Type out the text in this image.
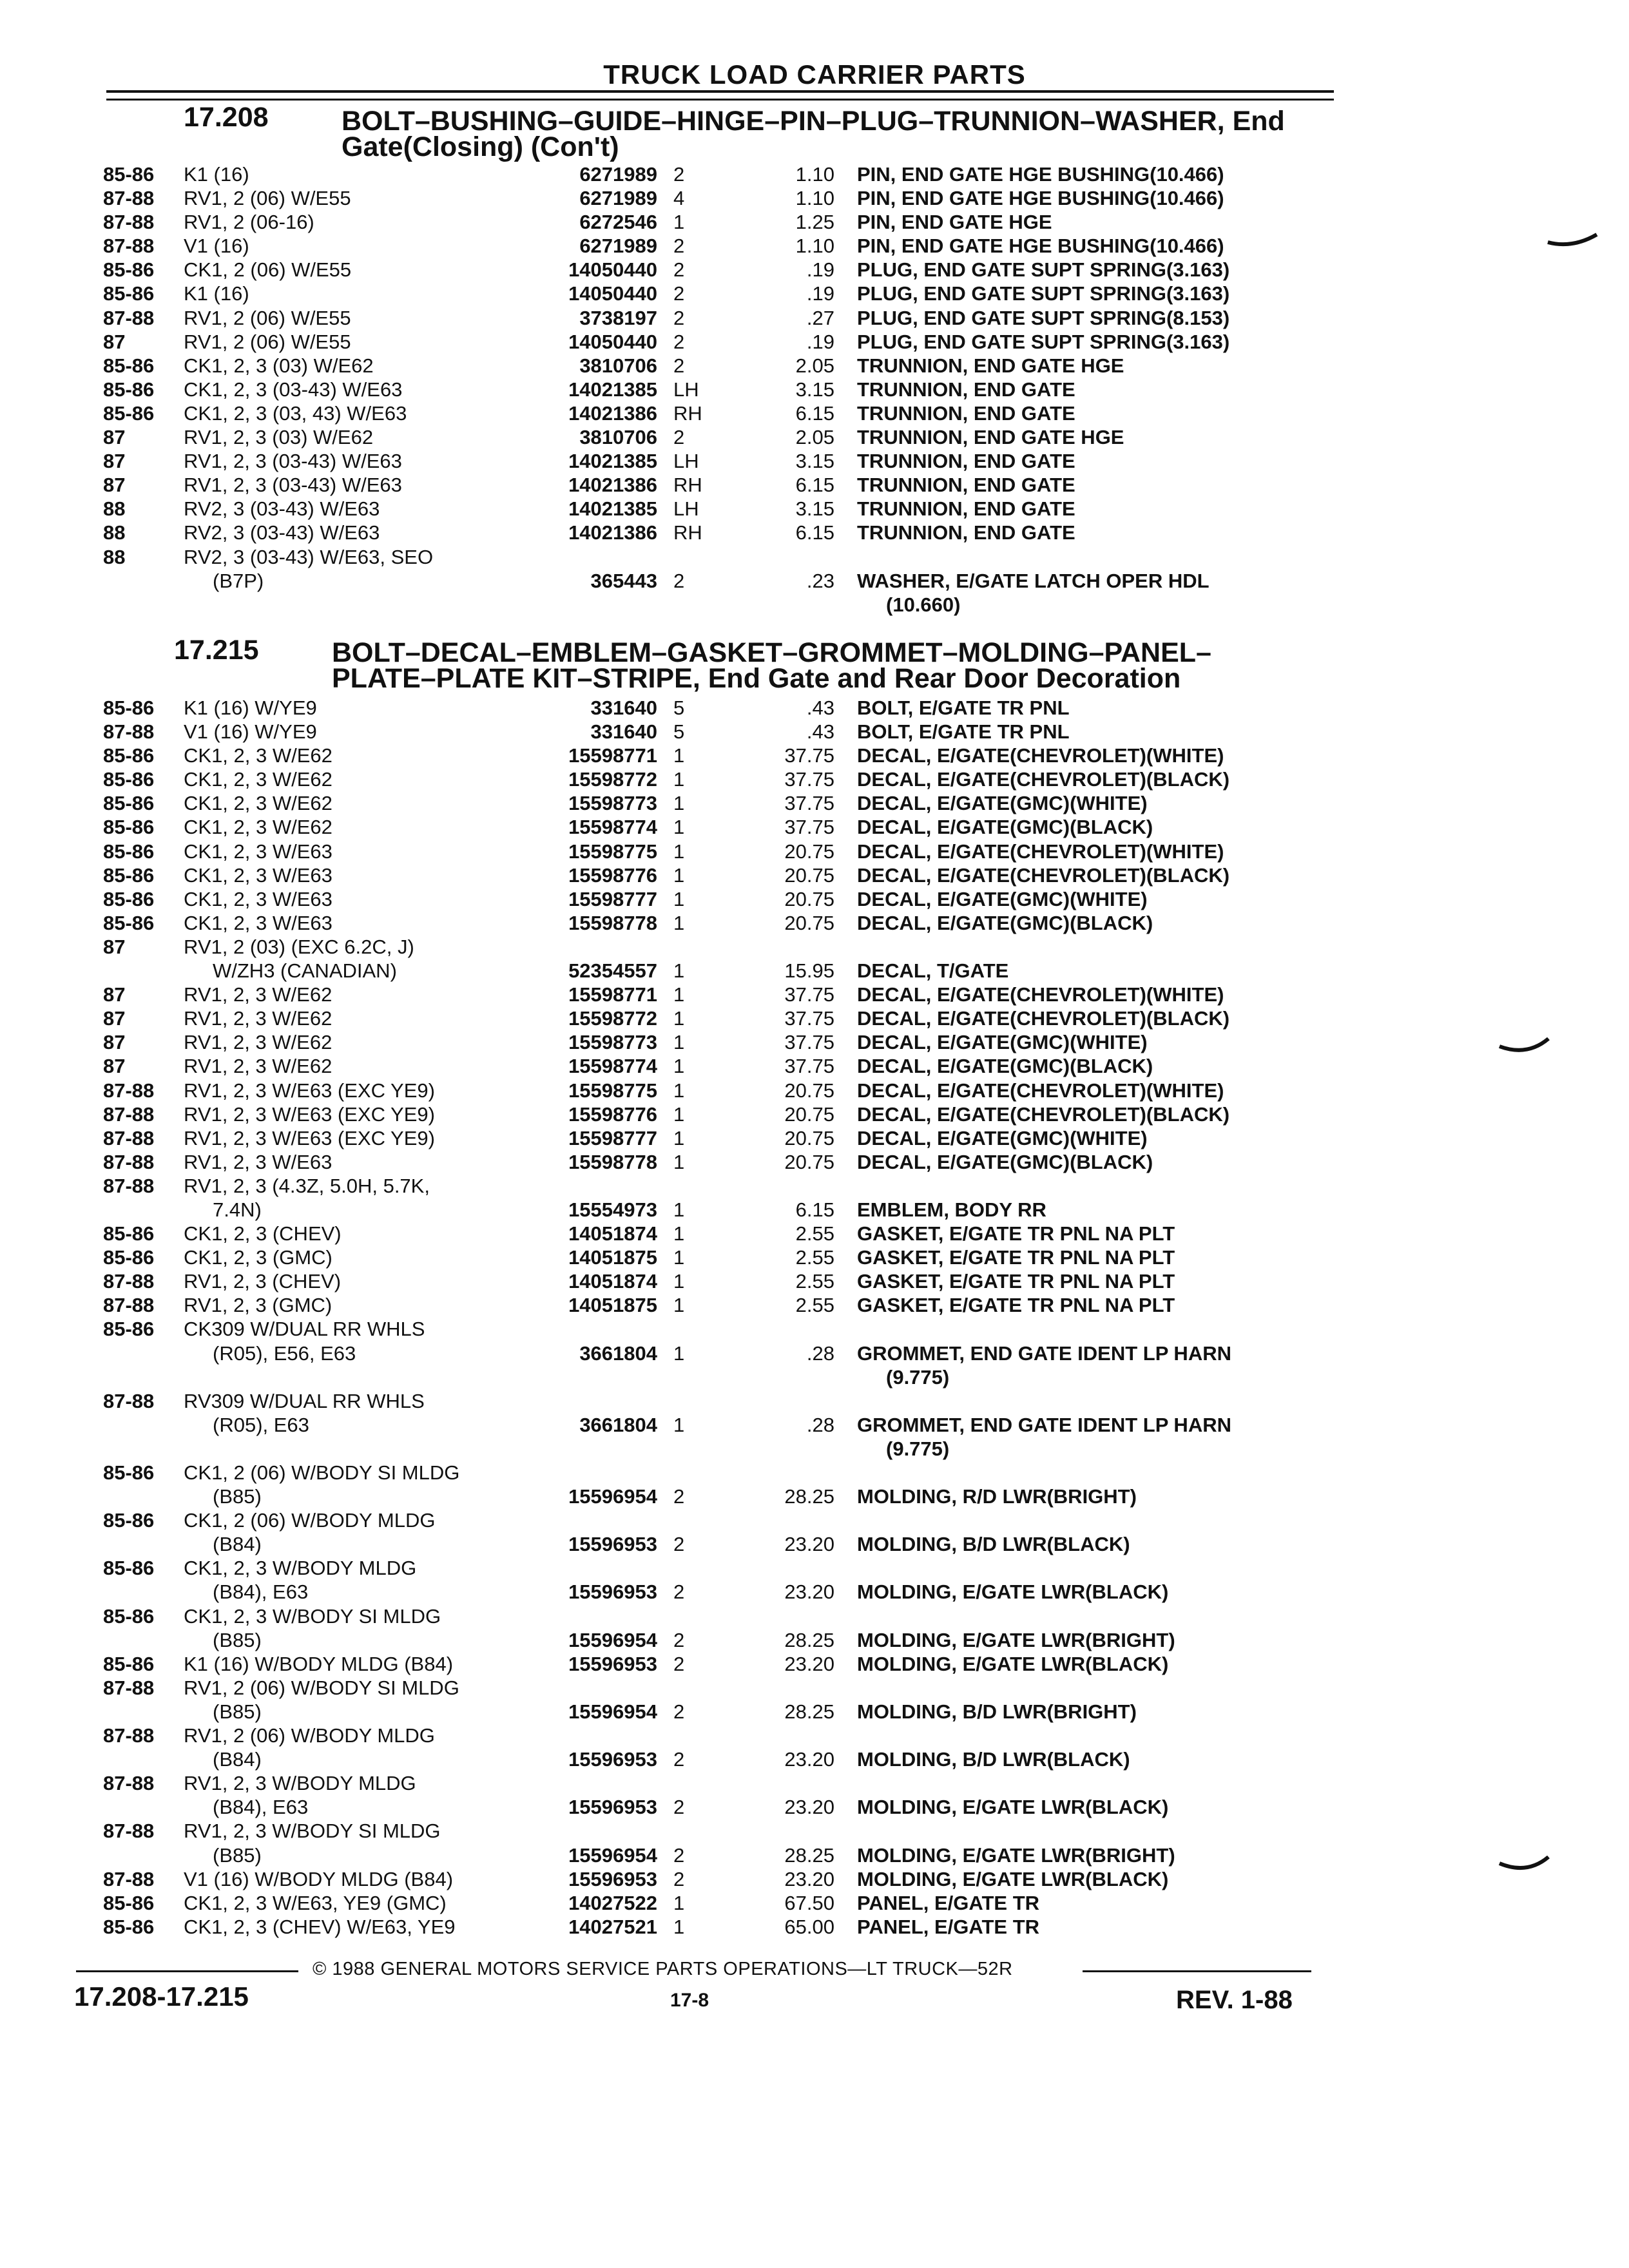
TRUCK LOAD CARRIER PARTS
17.208	BOLT–BUSHING–GUIDE–HINGE–PIN–PLUG–TRUNNION–WASHER, End
Gate(Closing) (Con't)
85-86 K1 (16)	6271989 2	1.10 PIN, END GATE HGE BUSHING(10.466)
87-88 RV1, 2 (06) W/E55	6271989 4	1.10 PIN, END GATE HGE BUSHING(10.466)
87-88 RV1, 2 (06-16)	6272546 1	1.25 PIN, END GATE HGE
87-88 V1 (16)	6271989 2	1.10 PIN, END GATE HGE BUSHING(10.466)
85-86 CK1, 2 (06) W/E55	14050440 2	.19 PLUG, END GATE SUPT SPRING(3.163)
85-86 K1 (16)	14050440 2	.19 PLUG, END GATE SUPT SPRING(3.163)
87-88 RV1, 2 (06) W/E55	3738197 2	.27 PLUG, END GATE SUPT SPRING(8.153)
87	RV1, 2 (06) W/E55	14050440 2	.19 PLUG, END GATE SUPT SPRING(3.163)
85-86 CK1, 2, 3 (03) W/E62	3810706 2	2.05 TRUNNION, END GATE HGE
85-86 CK1, 2, 3 (03-43) W/E63	14021385 LH	3.15 TRUNNION, END GATE
85-86 CK1, 2, 3 (03, 43) W/E63	14021386 RH	6.15 TRUNNION, END GATE
87	RV1, 2, 3 (03) W/E62	3810706 2	2.05 TRUNNION, END GATE HGE
87	RV1, 2, 3 (03-43) W/E63	14021385 LH	3.15 TRUNNION, END GATE
87	RV1, 2, 3 (03-43) W/E63	14021386 RH	6.15 TRUNNION, END GATE
88	RV2, 3 (03-43) W/E63	14021385 LH	3.15 TRUNNION, END GATE
88	RV2, 3 (03-43) W/E63	14021386 RH	6.15 TRUNNION, END GATE
88	RV2, 3 (03-43) W/E63, SEO
(B7P)	365443 2	.23 WASHER, E/GATE LATCH OPER HDL
(10.660)
17.215	BOLT–DECAL–EMBLEM–GASKET–GROMMET–MOLDING–PANEL–
PLATE–PLATE KIT–STRIPE, End Gate and Rear Door Decoration
85-86 K1 (16) W/YE9	331640 5	.43 BOLT, E/GATE TR PNL
87-88 V1 (16) W/YE9	331640 5	.43 BOLT, E/GATE TR PNL
85-86 CK1, 2, 3 W/E62	15598771 1	37.75 DECAL, E/GATE(CHEVROLET)(WHITE)
85-86 CK1, 2, 3 W/E62	15598772 1	37.75 DECAL, E/GATE(CHEVROLET)(BLACK)
85-86 CK1, 2, 3 W/E62	15598773 1	37.75 DECAL, E/GATE(GMC)(WHITE)
85-86 CK1, 2, 3 W/E62	15598774 1	37.75 DECAL, E/GATE(GMC)(BLACK)
85-86 CK1, 2, 3 W/E63	15598775 1	20.75 DECAL, E/GATE(CHEVROLET)(WHITE)
85-86 CK1, 2, 3 W/E63	15598776 1	20.75 DECAL, E/GATE(CHEVROLET)(BLACK)
85-86 CK1, 2, 3 W/E63	15598777 1	20.75 DECAL, E/GATE(GMC)(WHITE)
85-86 CK1, 2, 3 W/E63	15598778 1	20.75 DECAL, E/GATE(GMC)(BLACK)
87	RV1, 2 (03) (EXC 6.2C, J)
W/ZH3 (CANADIAN)	52354557 1	15.95 DECAL, T/GATE
87	RV1, 2, 3 W/E62	15598771 1	37.75 DECAL, E/GATE(CHEVROLET)(WHITE)
87	RV1, 2, 3 W/E62	15598772 1	37.75 DECAL, E/GATE(CHEVROLET)(BLACK)
87	RV1, 2, 3 W/E62	15598773 1	37.75 DECAL, E/GATE(GMC)(WHITE)
87	RV1, 2, 3 W/E62	15598774 1	37.75 DECAL, E/GATE(GMC)(BLACK)
87-88 RV1, 2, 3 W/E63 (EXC YE9)	15598775 1	20.75 DECAL, E/GATE(CHEVROLET)(WHITE)
87-88 RV1, 2, 3 W/E63 (EXC YE9)	15598776 1	20.75 DECAL, E/GATE(CHEVROLET)(BLACK)
87-88 RV1, 2, 3 W/E63 (EXC YE9)	15598777 1	20.75 DECAL, E/GATE(GMC)(WHITE)
87-88 RV1, 2, 3 W/E63	15598778 1	20.75 DECAL, E/GATE(GMC)(BLACK)
87-88 RV1, 2, 3 (4.3Z, 5.0H, 5.7K,
7.4N)	15554973 1	6.15 EMBLEM, BODY RR
85-86 CK1, 2, 3 (CHEV)	14051874 1	2.55 GASKET, E/GATE TR PNL NA PLT
85-86 CK1, 2, 3 (GMC)	14051875 1	2.55 GASKET, E/GATE TR PNL NA PLT
87-88 RV1, 2, 3 (CHEV)	14051874 1	2.55 GASKET, E/GATE TR PNL NA PLT
87-88 RV1, 2, 3 (GMC)	14051875 1	2.55 GASKET, E/GATE TR PNL NA PLT
85-86 CK309 W/DUAL RR WHLS
(R05), E56, E63	3661804 1	.28 GROMMET, END GATE IDENT LP HARN
(9.775)
87-88 RV309 W/DUAL RR WHLS
(R05), E63	3661804 1	.28 GROMMET, END GATE IDENT LP HARN
(9.775)
85-86 CK1, 2 (06) W/BODY SI MLDG
(B85)	15596954 2	28.25 MOLDING, R/D LWR(BRIGHT)
85-86 CK1, 2 (06) W/BODY MLDG
(B84)	15596953 2	23.20 MOLDING, B/D LWR(BLACK)
85-86 CK1, 2, 3 W/BODY MLDG
(B84), E63	15596953 2	23.20 MOLDING, E/GATE LWR(BLACK)
85-86 CK1, 2, 3 W/BODY SI MLDG
(B85)	15596954 2	28.25 MOLDING, E/GATE LWR(BRIGHT)
85-86 K1 (16) W/BODY MLDG (B84)	15596953 2	23.20 MOLDING, E/GATE LWR(BLACK)
87-88 RV1, 2 (06) W/BODY SI MLDG
(B85)	15596954 2	28.25 MOLDING, B/D LWR(BRIGHT)
87-88 RV1, 2 (06) W/BODY MLDG
(B84)	15596953 2	23.20 MOLDING, B/D LWR(BLACK)
87-88 RV1, 2, 3 W/BODY MLDG
(B84), E63	15596953 2	23.20 MOLDING, E/GATE LWR(BLACK)
87-88 RV1, 2, 3 W/BODY SI MLDG
(B85)	15596954 2	28.25 MOLDING, E/GATE LWR(BRIGHT)
87-88 V1 (16) W/BODY MLDG (B84)	15596953 2	23.20 MOLDING, E/GATE LWR(BLACK)
85-86 CK1, 2, 3 W/E63, YE9 (GMC)	14027522 1	67.50 PANEL, E/GATE TR
85-86 CK1, 2, 3 (CHEV) W/E63, YE9	14027521 1	65.00 PANEL, E/GATE TR
© 1988 GENERAL MOTORS SERVICE PARTS OPERATIONS—LT TRUCK—52R
17.208-17.215	17-8	REV. 1-88
